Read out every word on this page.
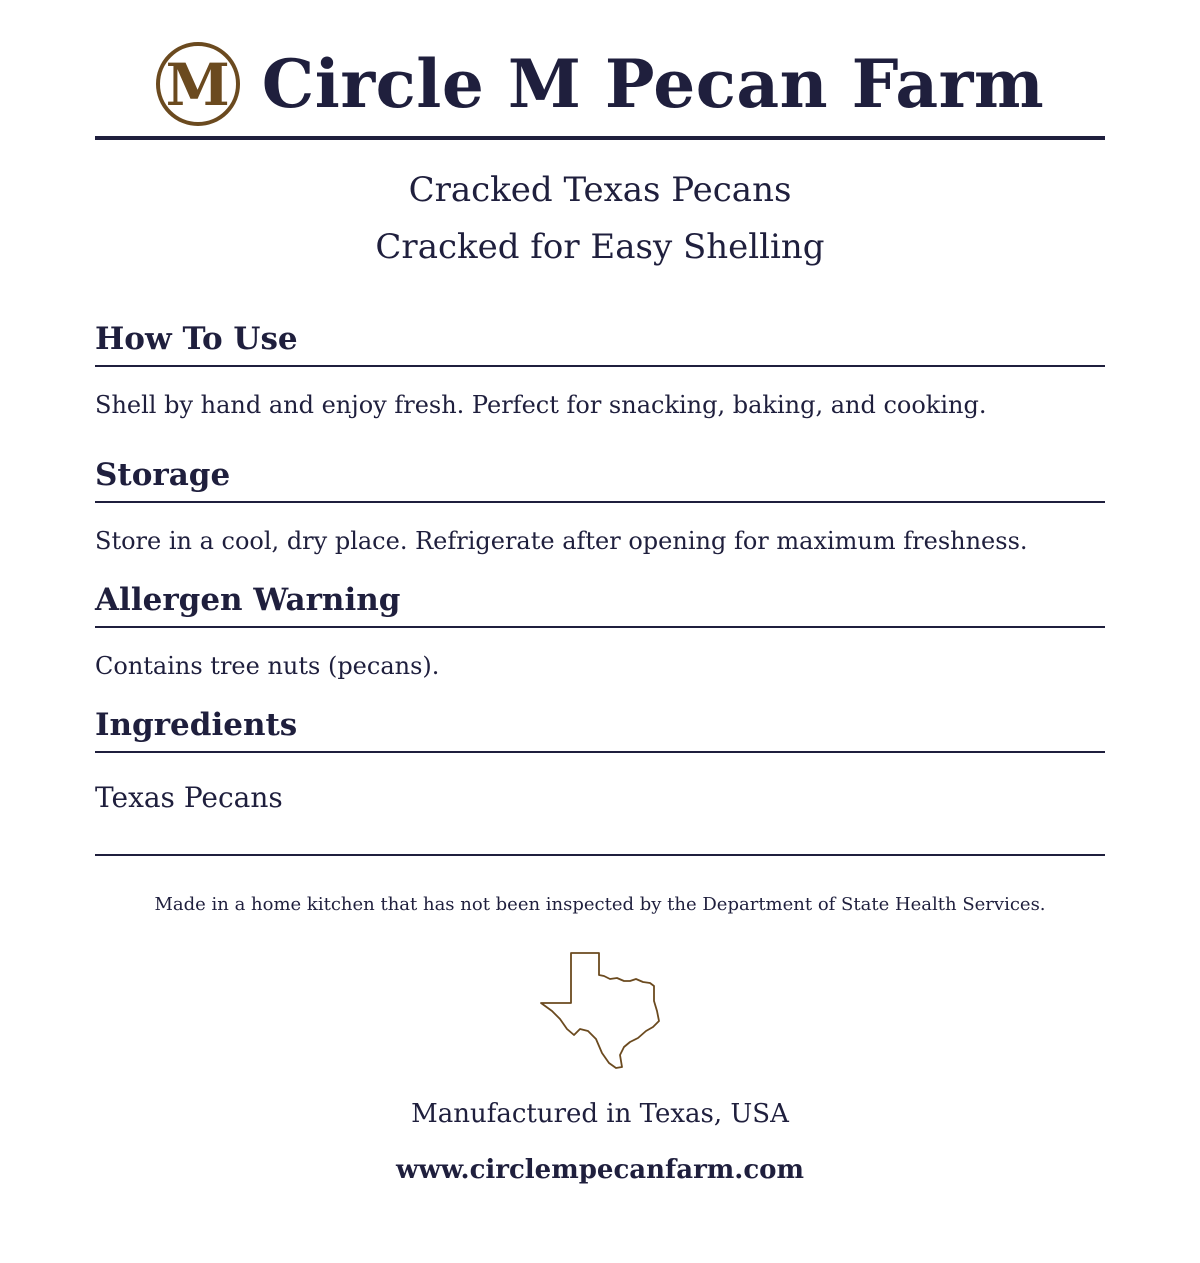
M Circle M Pecan Farm
Cracked Texas Pecans
Cracked for Easy Shelling
How To Use
Shell by hand and enjoy fresh. Perfect for snacking, baking, and cooking.
Storage
Store in a cool, dry place. Refrigerate after opening for maximum freshness.
Allergen Warning
Contains tree nuts (pecans).
Ingredients
Texas Pecans
Made in a home kitchen that has not been inspected by the Department of State Health Services.
Manufactured in Texas, USA
www.circlempecanfarm.com
